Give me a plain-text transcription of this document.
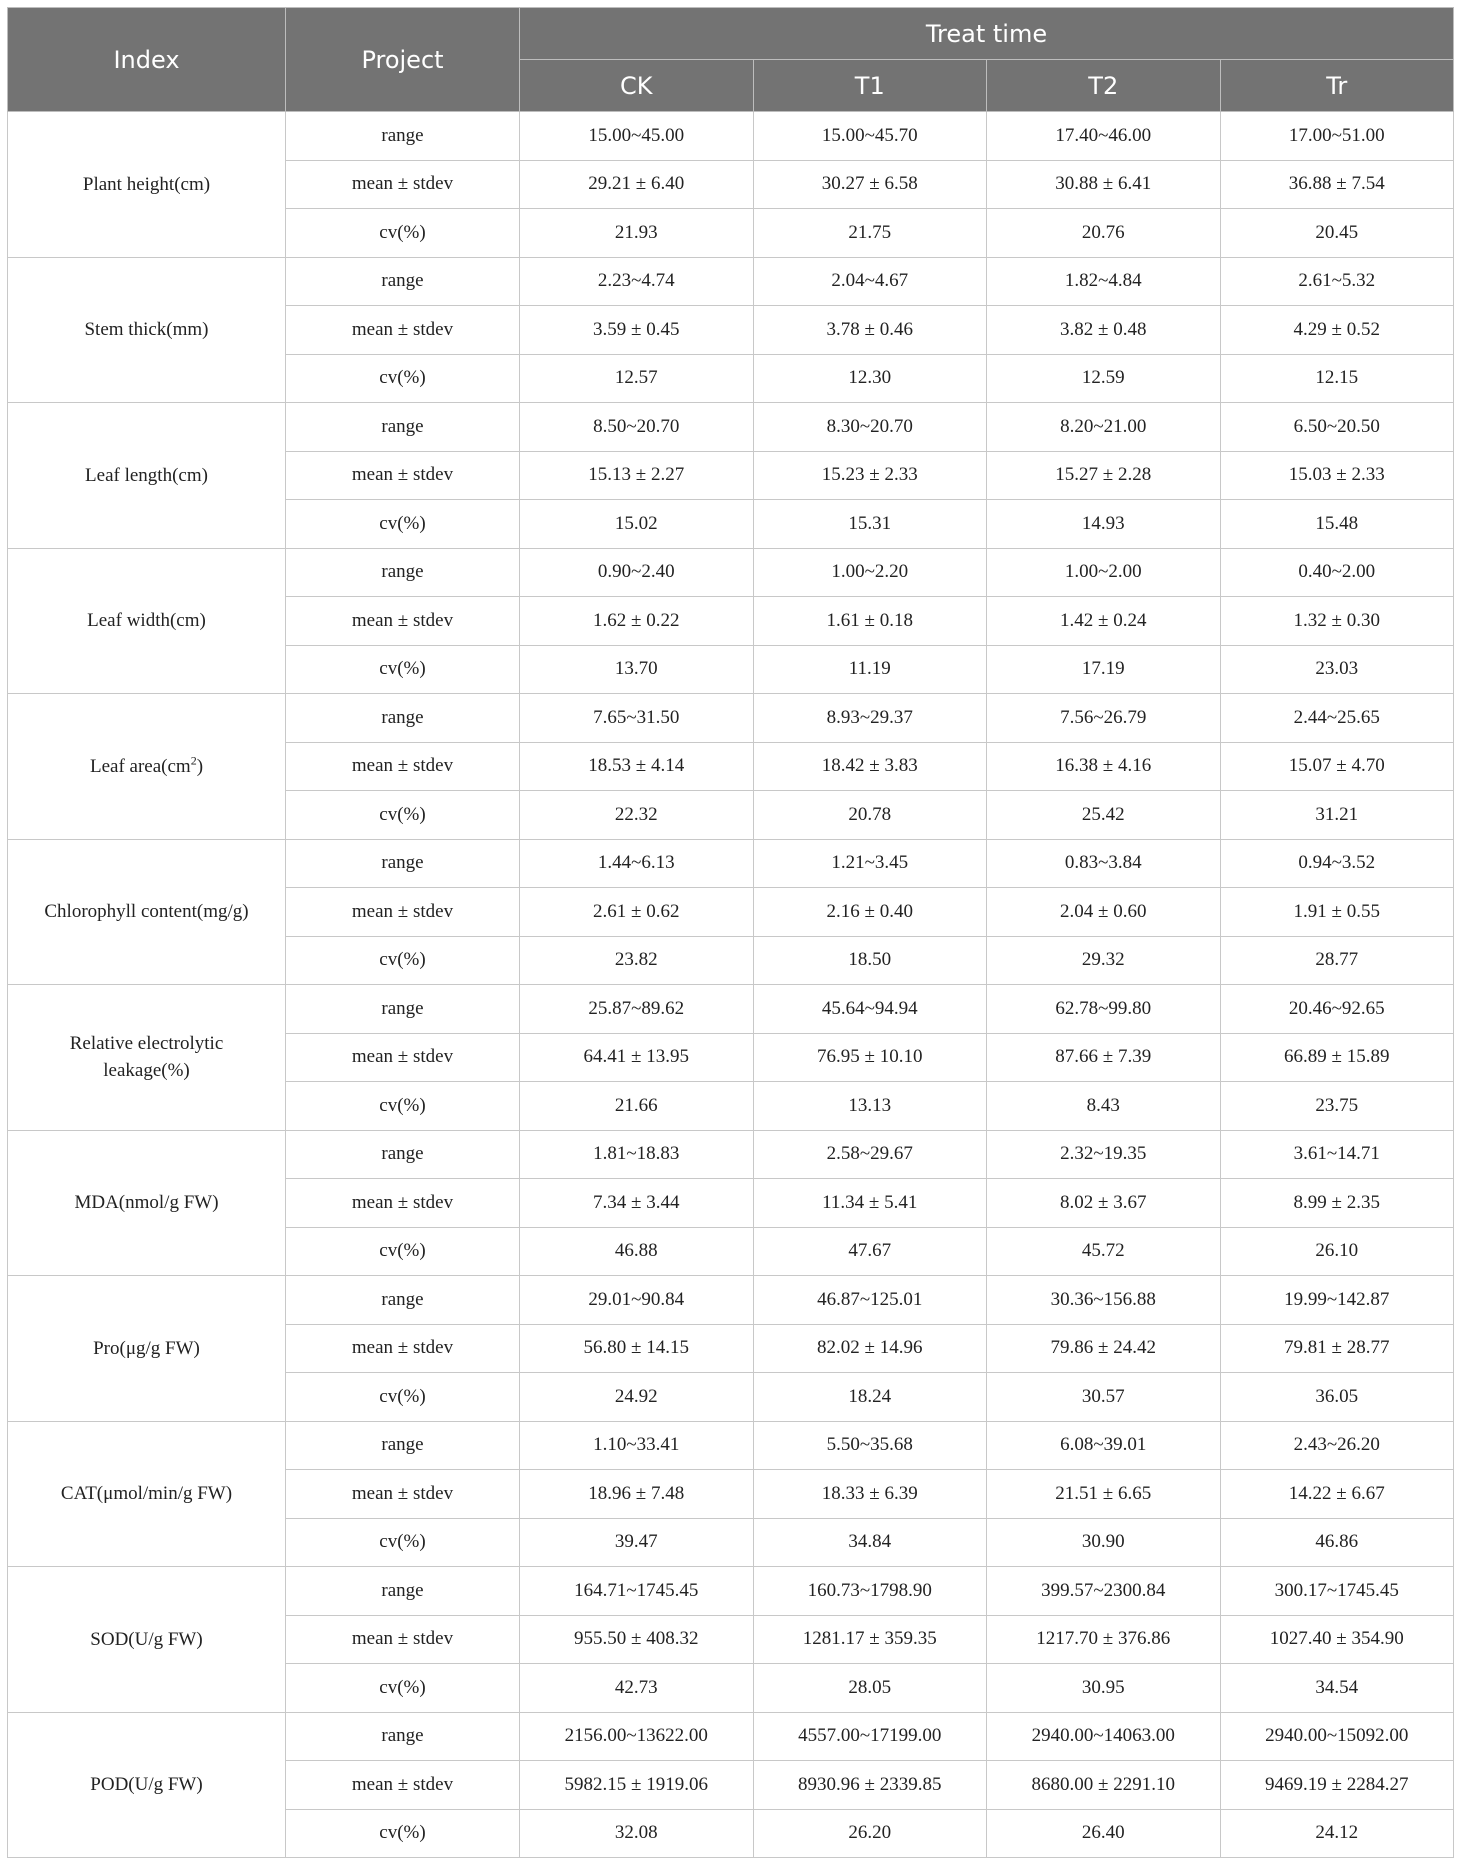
Index	Project	Treat time			
		CK	T1	T2	Tr
Plant height(cm)	range	15.00~45.00	15.00~45.70	17.40~46.00	17.00~51.00
	mean ± stdev	29.21 ± 6.40	30.27 ± 6.58	30.88 ± 6.41	36.88 ± 7.54
	cv(%)	21.93	21.75	20.76	20.45
Stem thick(mm)	range	2.23~4.74	2.04~4.67	1.82~4.84	2.61~5.32
	mean ± stdev	3.59 ± 0.45	3.78 ± 0.46	3.82 ± 0.48	4.29 ± 0.52
	cv(%)	12.57	12.30	12.59	12.15
Leaf length(cm)	range	8.50~20.70	8.30~20.70	8.20~21.00	6.50~20.50
	mean ± stdev	15.13 ± 2.27	15.23 ± 2.33	15.27 ± 2.28	15.03 ± 2.33
	cv(%)	15.02	15.31	14.93	15.48
Leaf width(cm)	range	0.90~2.40	1.00~2.20	1.00~2.00	0.40~2.00
	mean ± stdev	1.62 ± 0.22	1.61 ± 0.18	1.42 ± 0.24	1.32 ± 0.30
	cv(%)	13.70	11.19	17.19	23.03
Leaf $area(cm^2)$	range	7.65~31.50	8.93~29.37	7.56~26.79	2.44~25.65
	mean ± stdev	18.53 ± 4.14	18.42 ± 3.83	16.38 ± 4.16	15.07 ± 4.70
	cv(%)	22.32	20.78	25.42	31.21
Chlorophyll content(mg/g)	range	1.44~6.13	1.21~3.45	0.83~3.84	0.94~3.52
	mean ± stdev	2.61 ± 0.62	2.16 ± 0.40	2.04 ± 0.60	1.91 ± 0.55
	cv(%)	23.82	18.50	29.32	28.77
Relative electrolytic leakage(%)	range	25.87~89.62	45.64~94.94	62.78~99.80	20.46~92.65
	mean ± stdev	64.41 ± 13.95	76.95 ± 10.10	87.66 ± 7.39	66.89 ± 15.89
	cv(%)	21.66	13.13	8.43	23.75
MDA(nmol/g FW)	range	1.81~18.83	2.58~29.67	2.32~19.35	3.61~14.71
	mean ± stdev	7.34 ± 3.44	11.34 ± 5.41	8.02 ± 3.67	8.99 ± 2.35
	cv(%)	46.88	47.67	45.72	26.10
Pro(μg/g FW)	range	29.01~90.84	46.87~125.01	30.36~156.88	19.99~142.87
	mean ± stdev	56.80 ± 14.15	82.02 ± 14.96	79.86 ± 24.42	79.81 ± 28.77
	cv(%)	24.92	18.24	30.57	36.05
CAT(μmol/min/g FW)	range	1.10~33.41	5.50~35.68	6.08~39.01	2.43~26.20
	mean ± stdev	18.96 ± 7.48	18.33 ± 6.39	21.51 ± 6.65	14.22 ± 6.67
	cv(%)	39.47	34.84	30.90	46.86
SOD(U/g FW)	range	164.71~1745.45	160.73~1798.90	399.57~2300.84	300.17~1745.45
	mean ± stdev	955.50 ± 408.32	1281.17 ± 359.35	1217.70 ± 376.86	1027.40 ± 354.90
	cv(%)	42.73	28.05	30.95	34.54
POD(U/g FW)	range	2156.00~13622.00	4557.00~17199.00	2940.00~14063.00	2940.00~15092.00
	mean ± stdev	5982.15 ± 1919.06	8930.96 ± 2339.85	8680.00 ± 2291.10	9469.19 ± 2284.27
	cv(%)	32.08	26.20	26.40	24.12
